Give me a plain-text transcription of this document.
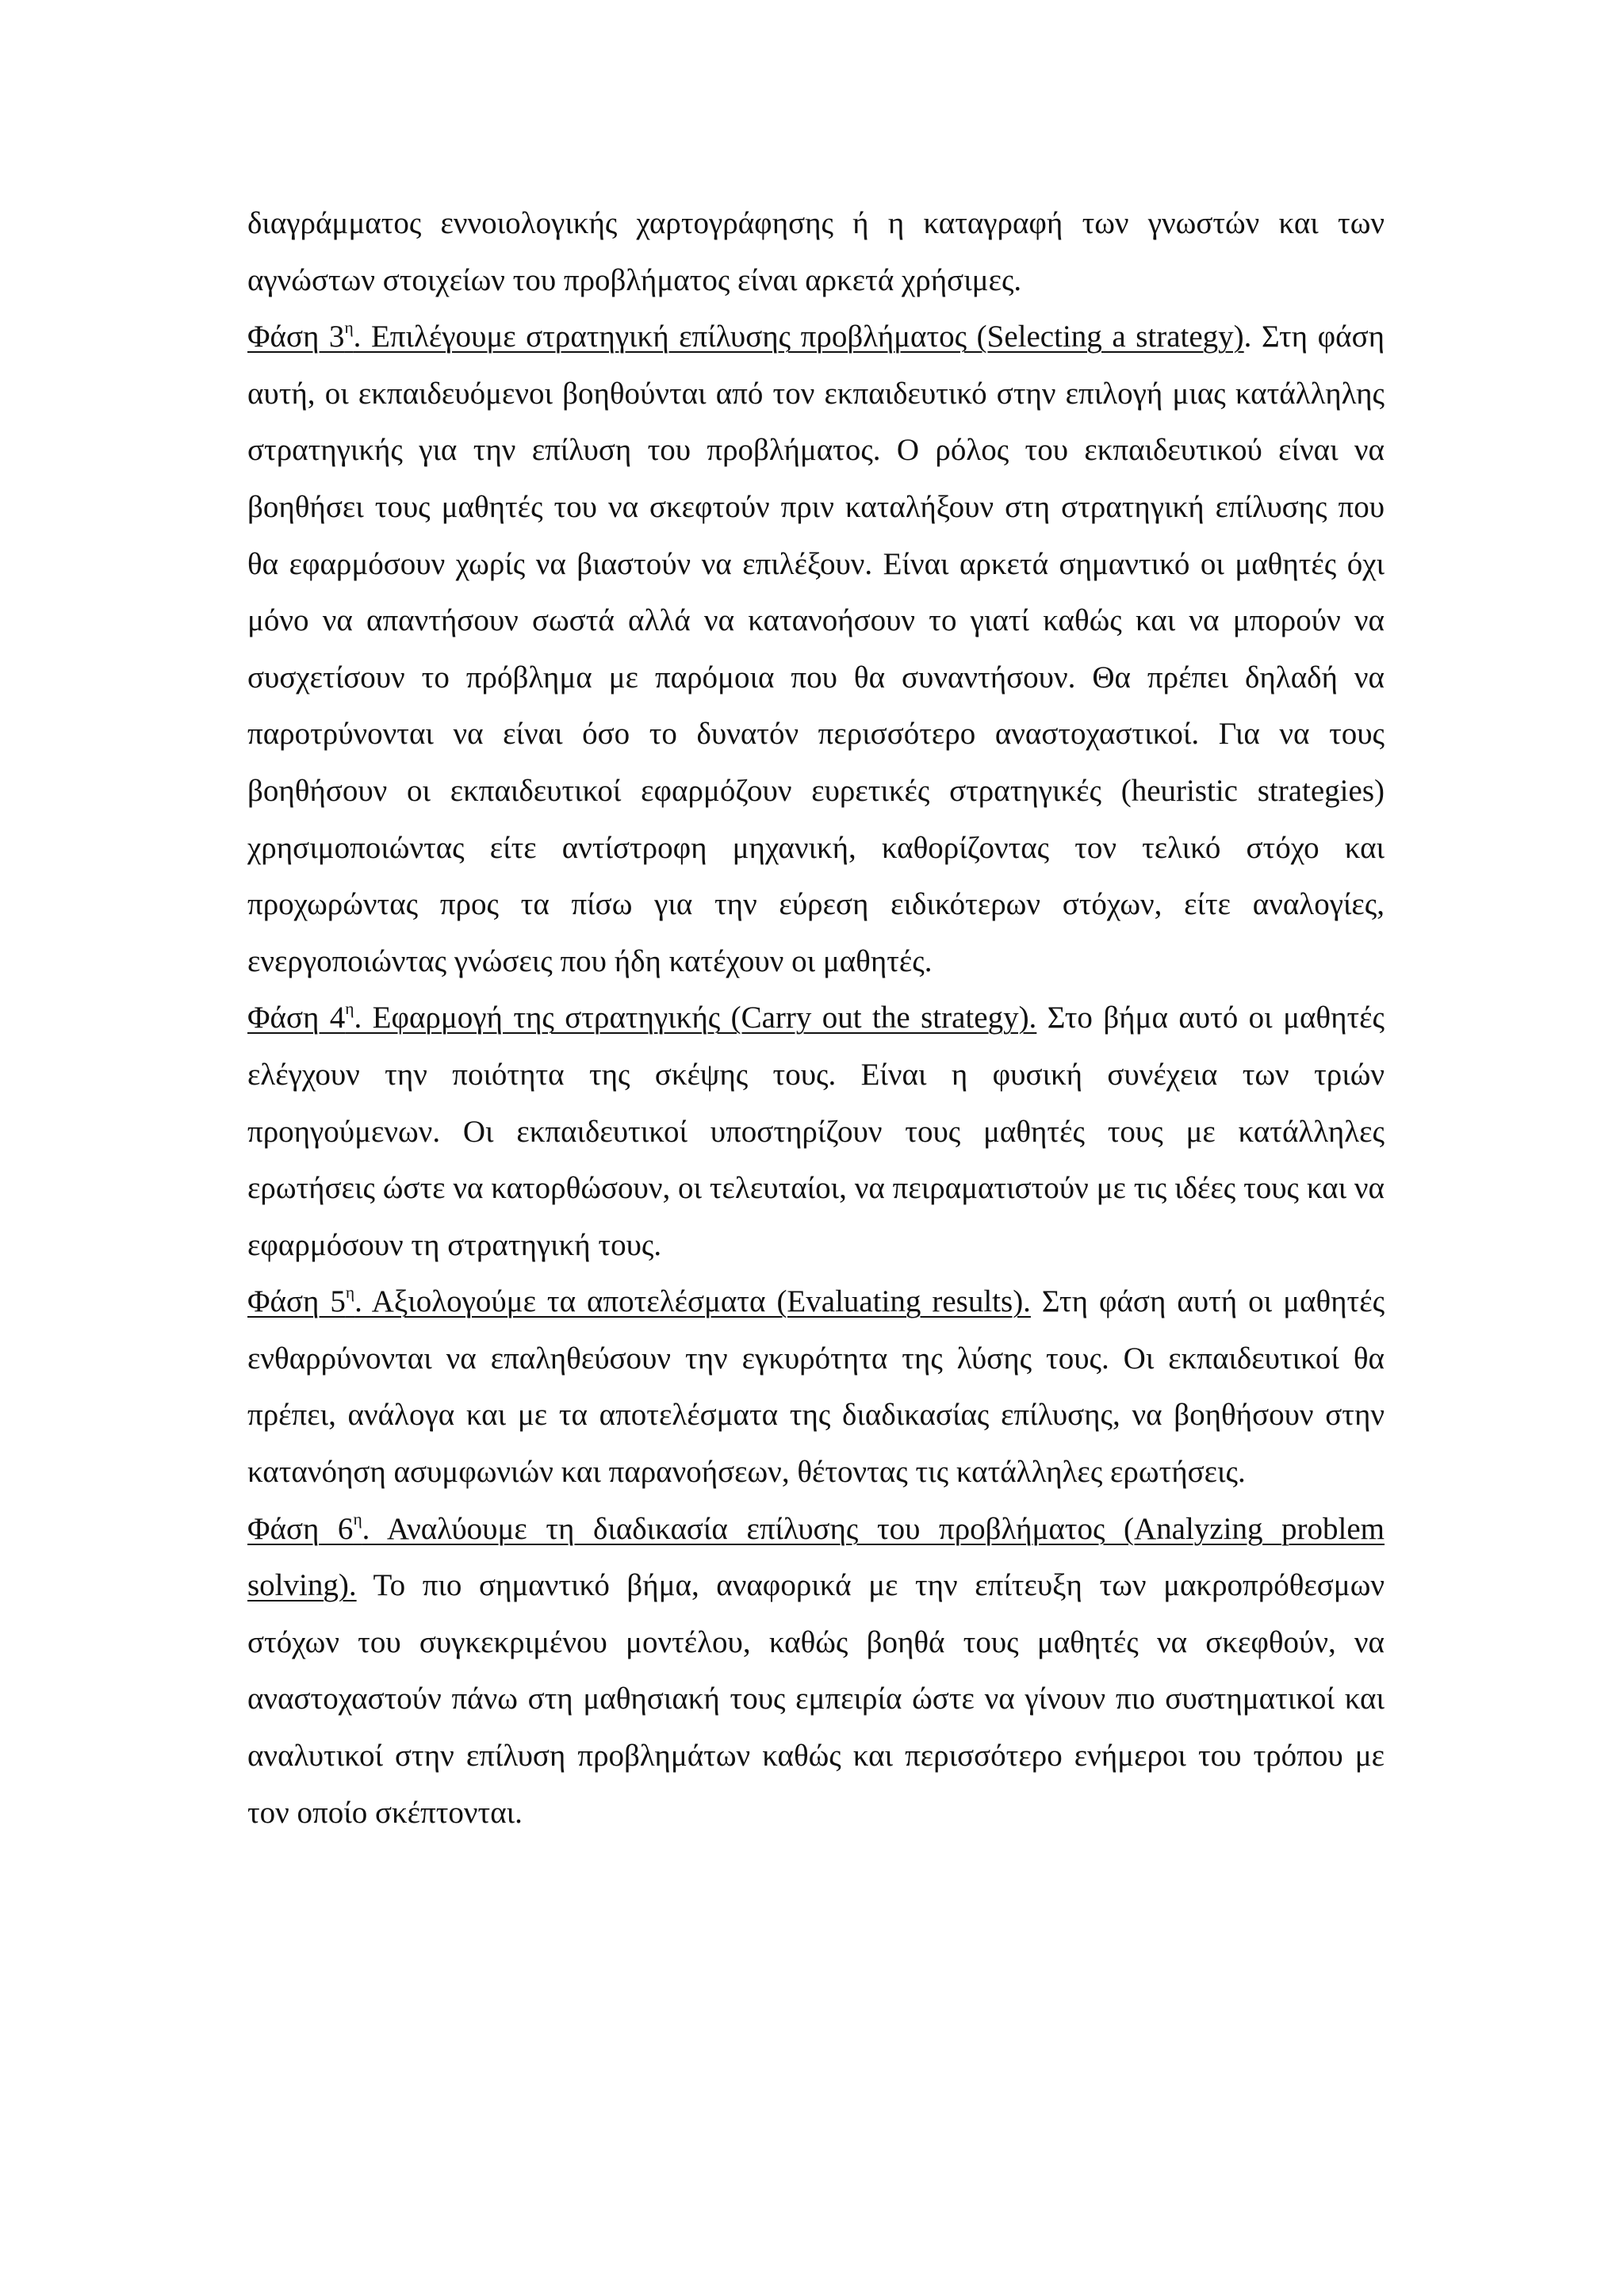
διαγράμματος εννοιολογικής χαρτογράφησης ή η καταγραφή των γνωστών και των αγνώστων στοιχείων του προβλήματος είναι αρκετά χρήσιμες.

Φάση $3^\eta$. Επιλέγουμε στρατηγική επίλυσης προβλήματος (Selecting a strategy). Στη φάση αυτή, οι εκπαιδευόμενοι βοηθούνται από τον εκπαιδευτικό στην επιλογή μιας κατάλληλης στρατηγικής για την επίλυση του προβλήματος. Ο ρόλος του εκπαιδευτικού είναι να βοηθήσει τους μαθητές του να σκεφτούν πριν καταλήξουν στη στρατηγική επίλυσης που θα εφαρμόσουν χωρίς να βιαστούν να επιλέξουν. Είναι αρκετά σημαντικό οι μαθητές όχι μόνο να απαντήσουν σωστά αλλά να κατανοήσουν το γιατί καθώς και να μπορούν να συσχετίσουν το πρόβλημα με παρόμοια που θα συναντήσουν. Θα πρέπει δηλαδή να παροτρύνονται να είναι όσο το δυνατόν περισσότερο αναστοχαστικοί. Για να τους βοηθήσουν οι εκπαιδευτικοί εφαρμόζουν ευρετικές στρατηγικές (heuristic strategies) χρησιμοποιώντας είτε αντίστροφη μηχανική, καθορίζοντας τον τελικό στόχο και προχωρώντας προς τα πίσω για την εύρεση ειδικότερων στόχων, είτε αναλογίες, ενεργοποιώντας γνώσεις που ήδη κατέχουν οι μαθητές.

Φάση $4^\eta$. Εφαρμογή της στρατηγικής (Carry out the strategy). Στο βήμα αυτό οι μαθητές ελέγχουν την ποιότητα της σκέψης τους. Είναι η φυσική συνέχεια των τριών προηγούμενων. Οι εκπαιδευτικοί υποστηρίζουν τους μαθητές τους με κατάλληλες ερωτήσεις ώστε να κατορθώσουν, οι τελευταίοι, να πειραματιστούν με τις ιδέες τους και να εφαρμόσουν τη στρατηγική τους.

Φάση $5^\eta$. Αξιολογούμε τα αποτελέσματα (Evaluating results). Στη φάση αυτή οι μαθητές ενθαρρύνονται να επαληθεύσουν την εγκυρότητα της λύσης τους. Οι εκπαιδευτικοί θα πρέπει, ανάλογα και με τα αποτελέσματα της διαδικασίας επίλυσης, να βοηθήσουν στην κατανόηση ασυμφωνιών και παρανοήσεων, θέτοντας τις κατάλληλες ερωτήσεις.

Φάση $6^\eta$. Αναλύουμε τη διαδικασία επίλυσης του προβλήματος (Analyzing problem solving). Το πιο σημαντικό βήμα, αναφορικά με την επίτευξη των μακροπρόθεσμων στόχων του συγκεκριμένου μοντέλου, καθώς βοηθά τους μαθητές να σκεφθούν, να αναστοχαστούν πάνω στη μαθησιακή τους εμπειρία ώστε να γίνουν πιο συστηματικοί και αναλυτικοί στην επίλυση προβλημάτων καθώς και περισσότερο ενήμεροι του τρόπου με τον οποίο σκέπτονται.
